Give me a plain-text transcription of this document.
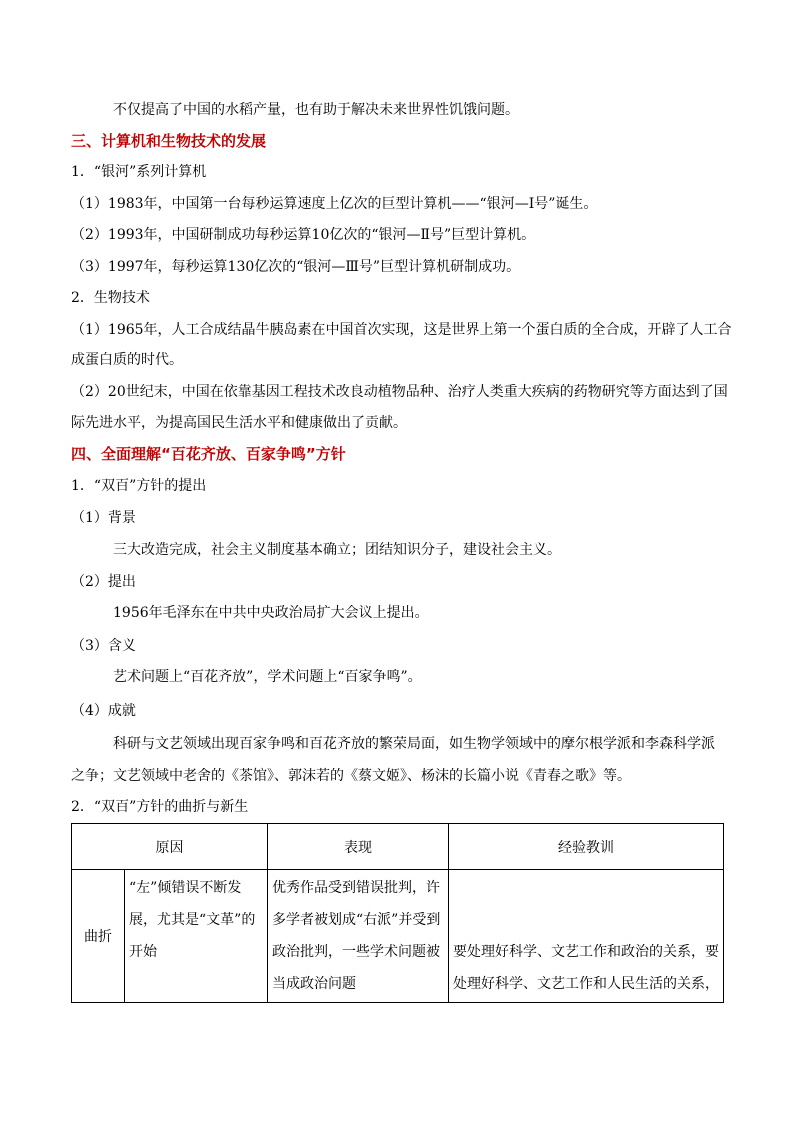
不仅提高了中国的水稻产量，也有助于解决未来世界性饥饿问题。

三、计算机和生物技术的发展

1．“银河”系列计算机

（1）1983年，中国第一台每秒运算速度上亿次的巨型计算机——“银河—Ⅰ号”诞生。

（2）1993年，中国研制成功每秒运算10亿次的“银河—Ⅱ号”巨型计算机。

（3）1997年，每秒运算130亿次的“银河—Ⅲ号”巨型计算机研制成功。

2．生物技术

（1）1965年，人工合成结晶牛胰岛素在中国首次实现，这是世界上第一个蛋白质的全合成，开辟了人工合

成蛋白质的时代。

（2）20世纪末，中国在依靠基因工程技术改良动植物品种、治疗人类重大疾病的药物研究等方面达到了国

际先进水平，为提高国民生活水平和健康做出了贡献。

四、全面理解“百花齐放、百家争鸣”方针

1．“双百”方针的提出

（1）背景

三大改造完成，社会主义制度基本确立；团结知识分子，建设社会主义。

（2）提出

1956年毛泽东在中共中央政治局扩大会议上提出。

（3）含义

艺术问题上“百花齐放”，学术问题上“百家争鸣”。

（4）成就

科研与文艺领域出现百家争鸣和百花齐放的繁荣局面，如生物学领域中的摩尔根学派和李森科学派

之争；文艺领域中老舍的《茶馆》、郭沫若的《蔡文姬》、杨沫的长篇小说《青春之歌》等。

2．“双百”方针的曲折与新生

原因		表现	经验教训
曲折	“左”倾错误不断发展，尤其是“文革”的开始	优秀作品受到错误批判，许多学者被划成“右派”并受到政治批判，一些学术问题被当成政治问题	要处理好科学、文艺工作和政治的关系，要处理好科学、文艺工作和人民生活的关系，
